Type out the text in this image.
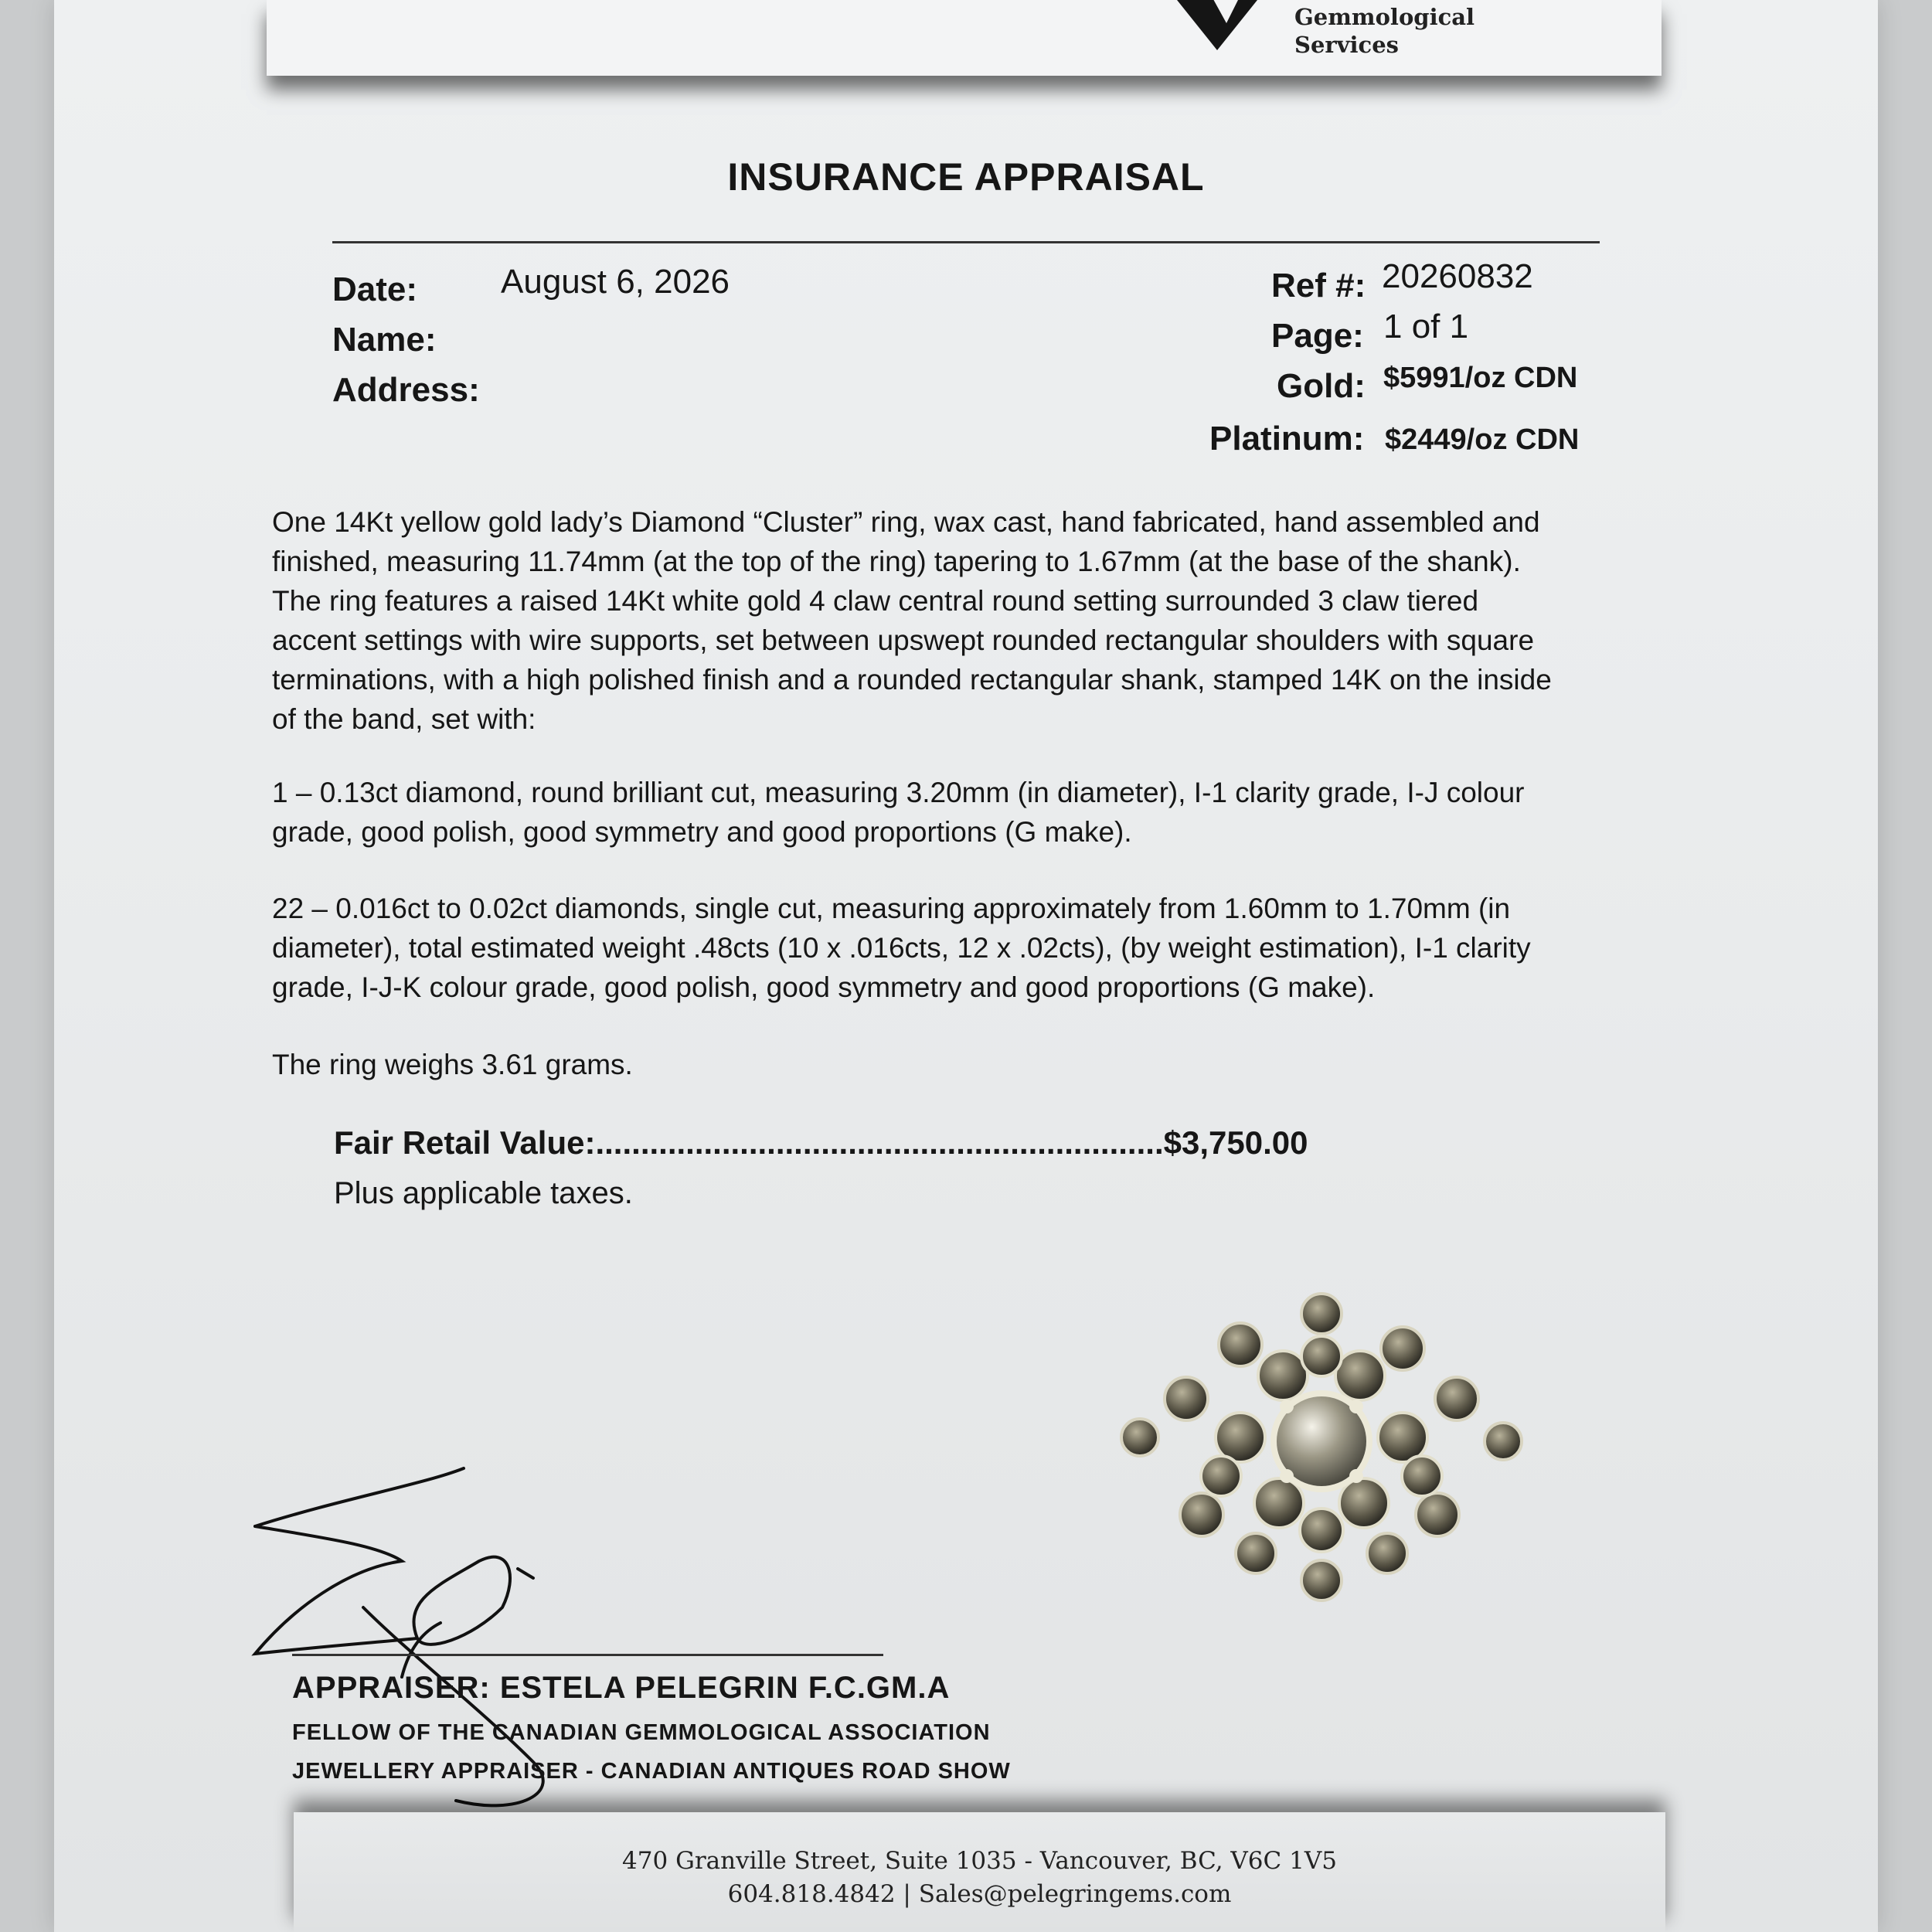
Gemmological
Services
INSURANCE APPRAISAL
Date: August 6, 2026
Name:
Address:
Ref #: 20260832
Page: 1 of 1
Gold: $5991/oz CDN
Platinum: $2449/oz CDN
One 14Kt yellow gold lady’s Diamond “Cluster” ring, wax cast, hand fabricated, hand assembled and
finished, measuring 11.74mm (at the top of the ring) tapering to 1.67mm (at the base of the shank).
The ring features a raised 14Kt white gold 4 claw central round setting surrounded 3 claw tiered
accent settings with wire supports, set between upswept rounded rectangular shoulders with square
terminations, with a high polished finish and a rounded rectangular shank, stamped 14K on the inside
of the band, set with:
1 – 0.13ct diamond, round brilliant cut, measuring 3.20mm (in diameter), I-1 clarity grade, I-J colour
grade, good polish, good symmetry and good proportions (G make).
22 – 0.016ct to 0.02ct diamonds, single cut, measuring approximately from 1.60mm to 1.70mm (in
diameter), total estimated weight .48cts (10 x .016cts, 12 x .02cts), (by weight estimation), I-1 clarity
grade, I-J-K colour grade, good polish, good symmetry and good proportions (G make).
The ring weighs 3.61 grams.
Fair Retail Value:...............................................................$3,750.00
Plus applicable taxes.
APPRAISER: ESTELA PELEGRIN F.C.GM.A
FELLOW OF THE CANADIAN GEMMOLOGICAL ASSOCIATION
JEWELLERY APPRAISER - CANADIAN ANTIQUES ROAD SHOW
470 Granville Street, Suite 1035 - Vancouver, BC, V6C 1V5
604.818.4842 | Sales@pelegringems.com
